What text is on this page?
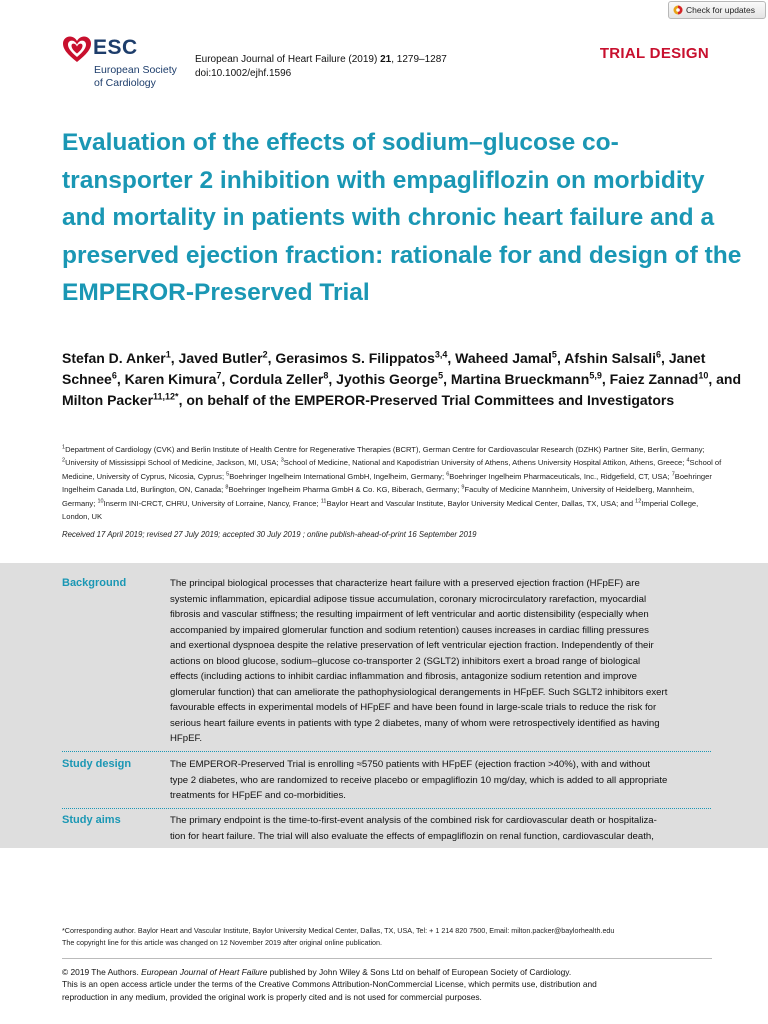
Check for updates
ESC
European Society
of Cardiology
European Journal of Heart Failure (2019) 21, 1279–1287
doi:10.1002/ejhf.1596
TRIAL DESIGN
Evaluation of the effects of sodium–glucose co-transporter 2 inhibition with empagliflozin on morbidity and mortality in patients with chronic heart failure and a preserved ejection fraction: rationale for and design of the EMPEROR-Preserved Trial
Stefan D. Anker$^1$, Javed Butler$^2$, Gerasimos S. Filippatos$^{3,4}$, Waheed Jamal$^5$, Afshin Salsali$^6$, Janet Schnee$^6$, Karen Kimura$^7$, Cordula Zeller$^8$, Jyothis George$^5$, Martina Brueckmann$^{5,9}$, Faiez Zannad$^{10}$, and Milton Packer$^{11,12*}$, on behalf of the EMPEROR-Preserved Trial Committees and Investigators
$^1$Department of Cardiology (CVK) and Berlin Institute of Health Centre for Regenerative Therapies (BCRT), German Centre for Cardiovascular Research (DZHK) Partner Site, Berlin, Germany; $^2$University of Mississippi School of Medicine, Jackson, MI, USA; $^3$School of Medicine, National and Kapodistrian University of Athens, Athens University Hospital Attikon, Athens, Greece; $^4$School of Medicine, University of Cyprus, Nicosia, Cyprus; $^5$Boehringer Ingelheim International GmbH, Ingelheim, Germany; $^6$Boehringer Ingelheim Pharmaceuticals, Inc., Ridgefield, CT, USA; $^7$Boehringer Ingelheim Canada Ltd, Burlington, ON, Canada; $^8$Boehringer Ingelheim Pharma GmbH & Co. KG, Biberach, Germany; $^9$Faculty of Medicine Mannheim, University of Heidelberg, Mannheim, Germany; $^{10}$Inserm INI-CRCT, CHRU, University of Lorraine, Nancy, France; $^{11}$Baylor Heart and Vascular Institute, Baylor University Medical Center, Dallas, TX, USA; and $^{12}$Imperial College, London, UK
Received 17 April 2019; revised 27 July 2019; accepted 30 July 2019 ; online publish-ahead-of-print 16 September 2019
Background	The principal biological processes that characterize heart failure with a preserved ejection fraction (HFpEF) are
systemic inflammation, epicardial adipose tissue accumulation, coronary microcirculatory rarefaction, myocardial
fibrosis and vascular stiffness; the resulting impairment of left ventricular and aortic distensibility (especially when
accompanied by impaired glomerular function and sodium retention) causes increases in cardiac filling pressures
and exertional dyspnoea despite the relative preservation of left ventricular ejection fraction. Independently of their
actions on blood glucose, sodium–glucose co-transporter 2 (SGLT2) inhibitors exert a broad range of biological
effects (including actions to inhibit cardiac inflammation and fibrosis, antagonize sodium retention and improve
glomerular function) that can ameliorate the pathophysiological derangements in HFpEF. Such SGLT2 inhibitors exert
favourable effects in experimental models of HFpEF and have been found in large-scale trials to reduce the risk for
serious heart failure events in patients with type 2 diabetes, many of whom were retrospectively identified as having
HFpEF.
Study design	The EMPEROR-Preserved Trial is enrolling ≈5750 patients with HFpEF (ejection fraction >40%), with and without
type 2 diabetes, who are randomized to receive placebo or empagliflozin 10 mg/day, which is added to all appropriate
treatments for HFpEF and co-morbidities.
Study aims	The primary endpoint is the time-to-first-event analysis of the combined risk for cardiovascular death or hospitaliza-
tion for heart failure. The trial will also evaluate the effects of empagliflozin on renal function, cardiovascular death,
*Corresponding author. Baylor Heart and Vascular Institute, Baylor University Medical Center, Dallas, TX, USA, Tel: + 1 214 820 7500, Email: milton.packer@baylorhealth.edu
The copyright line for this article was changed on 12 November 2019 after original online publication.
© 2019 The Authors. European Journal of Heart Failure published by John Wiley & Sons Ltd on behalf of European Society of Cardiology.
This is an open access article under the terms of the Creative Commons Attribution-NonCommercial License, which permits use, distribution and
reproduction in any medium, provided the original work is properly cited and is not used for commercial purposes.
